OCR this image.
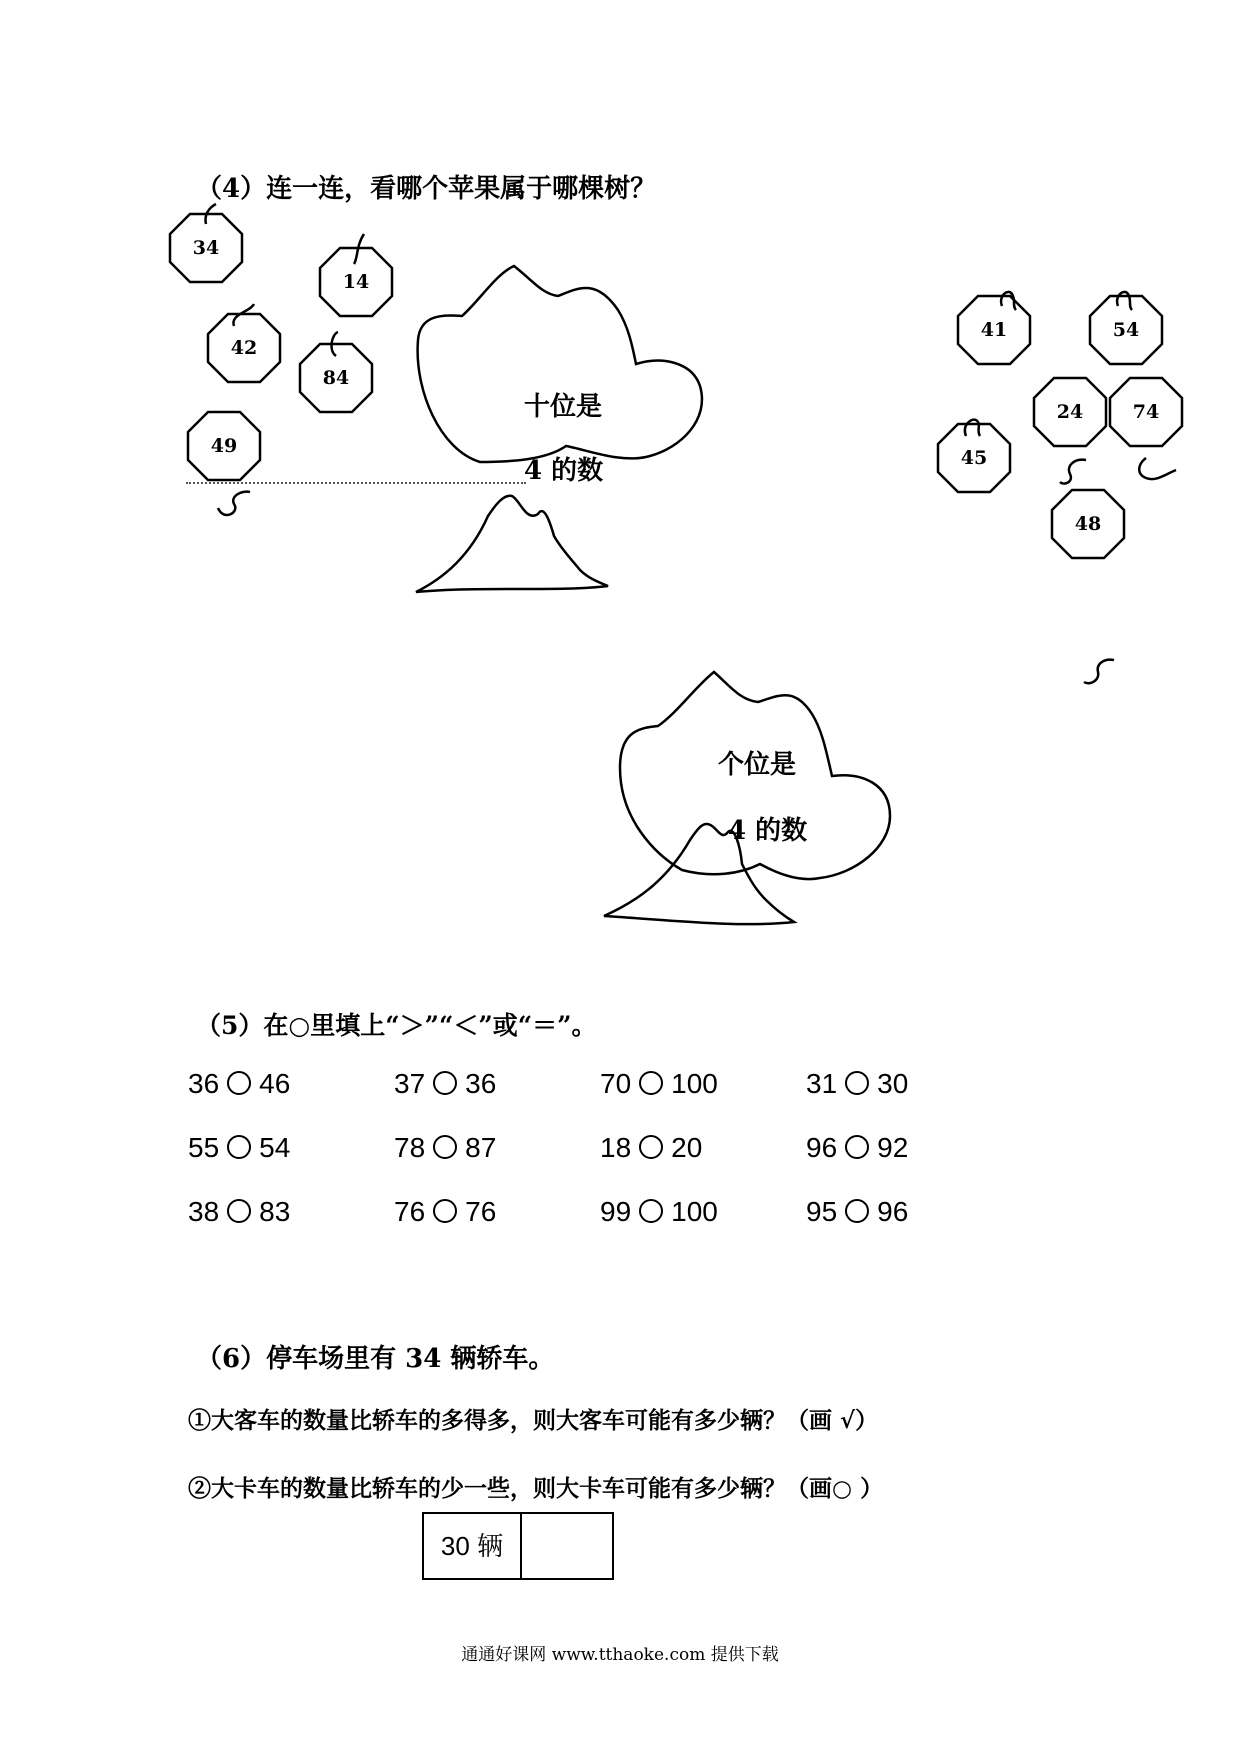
（4）连一连，看哪个苹果属于哪棵树？
34
14
42
84
49
十位是
4 的数
41	54
24	74
45
48
个位是
4 的数
（5）在○里填上“＞”“＜”或“＝”。
36 46	37 36	70 100	31 30
55 54	78 87	18 20	96 92
38 83	76 76	99 100	95 96
（6）停车场里有 34 辆轿车。
①大客车的数量比轿车的多得多，则大客车可能有多少辆？（画 √）
②大卡车的数量比轿车的少一些，则大卡车可能有多少辆？（画○ ）
30 辆
通通好课网 www.tthaoke.com 提供下载
